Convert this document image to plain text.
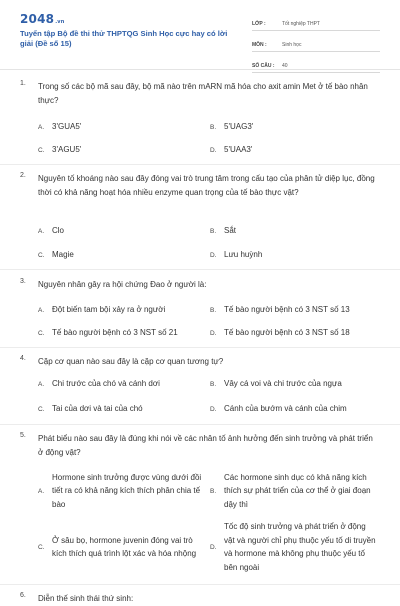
2048.vn
Tuyển tập Bộ đề thi thử THPTQG Sinh Học cực hay có lời giải (Đề số 15)
LỚP :	Tốt nghiệp THPT
MÔN :	Sinh học
SỐ CÂU :	40
1. Trong số các bộ mã sau đây, bộ mã nào trên mARN mã hóa cho axit amin Met ở tế bào nhân thực?
A. 3'GUA5'	B. 5'UAG3'
C. 3'AGU5'	D. 5'UAA3'
2. Nguyên tố khoáng nào sau đây đóng vai trò trung tâm trong cấu tạo của phân tử diệp lục, đồng thời có khả năng hoạt hóa nhiều enzyme quan trọng của tế bào thực vật?
A. Clo	B. Sắt
C. Magie	D. Lưu huỳnh
3. Nguyên nhân gây ra hội chứng Đao ở người là:
A. Đột biến tam bội xảy ra ở người	B. Tế bào người bệnh có 3 NST số 13
C. Tế bào người bệnh có 3 NST số 21	D. Tế bào người bệnh có 3 NST số 18
4. Cặp cơ quan nào sau đây là cặp cơ quan tương tự?
A. Chi trước của chó và cánh dơi	B. Vây cá voi và chi trước của ngựa
C. Tai của dơi và tai của chó	D. Cánh của bướm và cánh của chim
5. Phát biểu nào sau đây là đúng khi nói về các nhân tố ảnh hưởng đến sinh trưởng và phát triển ở động vật?
A.
Hormone sinh trưởng được vùng dưới đồi tiết ra có khả năng kích thích phân chia tế bào
B.
Các hormone sinh dục có khả năng kích thích sự phát triển của cơ thể ở giai đoạn dậy thì
C.
Ở sâu bọ, hormone juvenin đóng vai trò kích thích quá trình lột xác và hóa nhộng
D.
Tốc độ sinh trưởng và phát triển ở động vật và người chỉ phụ thuộc yếu tố di truyền và hormone mà không phụ thuộc yếu tố bên ngoài
6. Diễn thế sinh thái thứ sinh:
